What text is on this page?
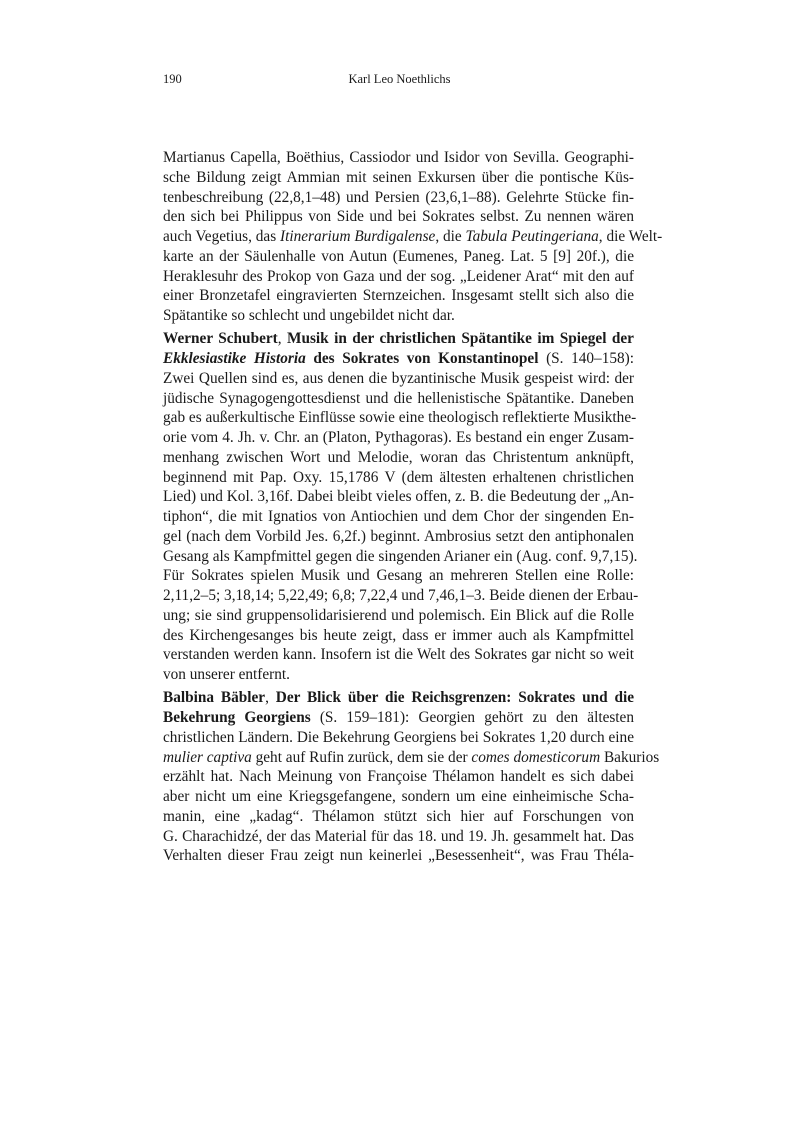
190	Karl Leo Noethlichs
Martianus Capella, Boëthius, Cassiodor und Isidor von Sevilla. Geographi-
sche Bildung zeigt Ammian mit seinen Exkursen über die pontische Küs-
tenbeschreibung (22,8,1–48) und Persien (23,6,1–88). Gelehrte Stücke fin-
den sich bei Philippus von Side und bei Sokrates selbst. Zu nennen wären
auch Vegetius, das Itinerarium Burdigalense, die Tabula Peutingeriana, die Welt-
karte an der Säulenhalle von Autun (Eumenes, Paneg. Lat. 5 [9] 20f.), die
Heraklesuhr des Prokop von Gaza und der sog. „Leidener Arat“ mit den auf
einer Bronzetafel eingravierten Sternzeichen. Insgesamt stellt sich also die
Spätantike so schlecht und ungebildet nicht dar.
Werner Schubert, Musik in der christlichen Spätantike im Spiegel der
Ekklesiastike Historia des Sokrates von Konstantinopel (S. 140–158):
Zwei Quellen sind es, aus denen die byzantinische Musik gespeist wird: der
jüdische Synagogengottesdienst und die hellenistische Spätantike. Daneben
gab es außerkultische Einflüsse sowie eine theologisch reflektierte Musikthe-
orie vom 4. Jh. v. Chr. an (Platon, Pythagoras). Es bestand ein enger Zusam-
menhang zwischen Wort und Melodie, woran das Christentum anknüpft,
beginnend mit Pap. Oxy. 15,1786 V (dem ältesten erhaltenen christlichen
Lied) und Kol. 3,16f. Dabei bleibt vieles offen, z. B. die Bedeutung der „An-
tiphon“, die mit Ignatios von Antiochien und dem Chor der singenden En-
gel (nach dem Vorbild Jes. 6,2f.) beginnt. Ambrosius setzt den antiphonalen
Gesang als Kampfmittel gegen die singenden Arianer ein (Aug. conf. 9,7,15).
Für Sokrates spielen Musik und Gesang an mehreren Stellen eine Rolle:
2,11,2–5; 3,18,14; 5,22,49; 6,8; 7,22,4 und 7,46,1–3. Beide dienen der Erbau-
ung; sie sind gruppensolidarisierend und polemisch. Ein Blick auf die Rolle
des Kirchengesanges bis heute zeigt, dass er immer auch als Kampfmittel
verstanden werden kann. Insofern ist die Welt des Sokrates gar nicht so weit
von unserer entfernt.
Balbina Bäbler, Der Blick über die Reichsgrenzen: Sokrates und die
Bekehrung Georgiens (S. 159–181): Georgien gehört zu den ältesten
christlichen Ländern. Die Bekehrung Georgiens bei Sokrates 1,20 durch eine
mulier captiva geht auf Rufin zurück, dem sie der comes domesticorum Bakurios
erzählt hat. Nach Meinung von Françoise Thélamon handelt es sich dabei
aber nicht um eine Kriegsgefangene, sondern um eine einheimische Scha-
manin, eine „kadag“. Thélamon stützt sich hier auf Forschungen von
G. Charachidzé, der das Material für das 18. und 19. Jh. gesammelt hat. Das
Verhalten dieser Frau zeigt nun keinerlei „Besessenheit“, was Frau Théla-
